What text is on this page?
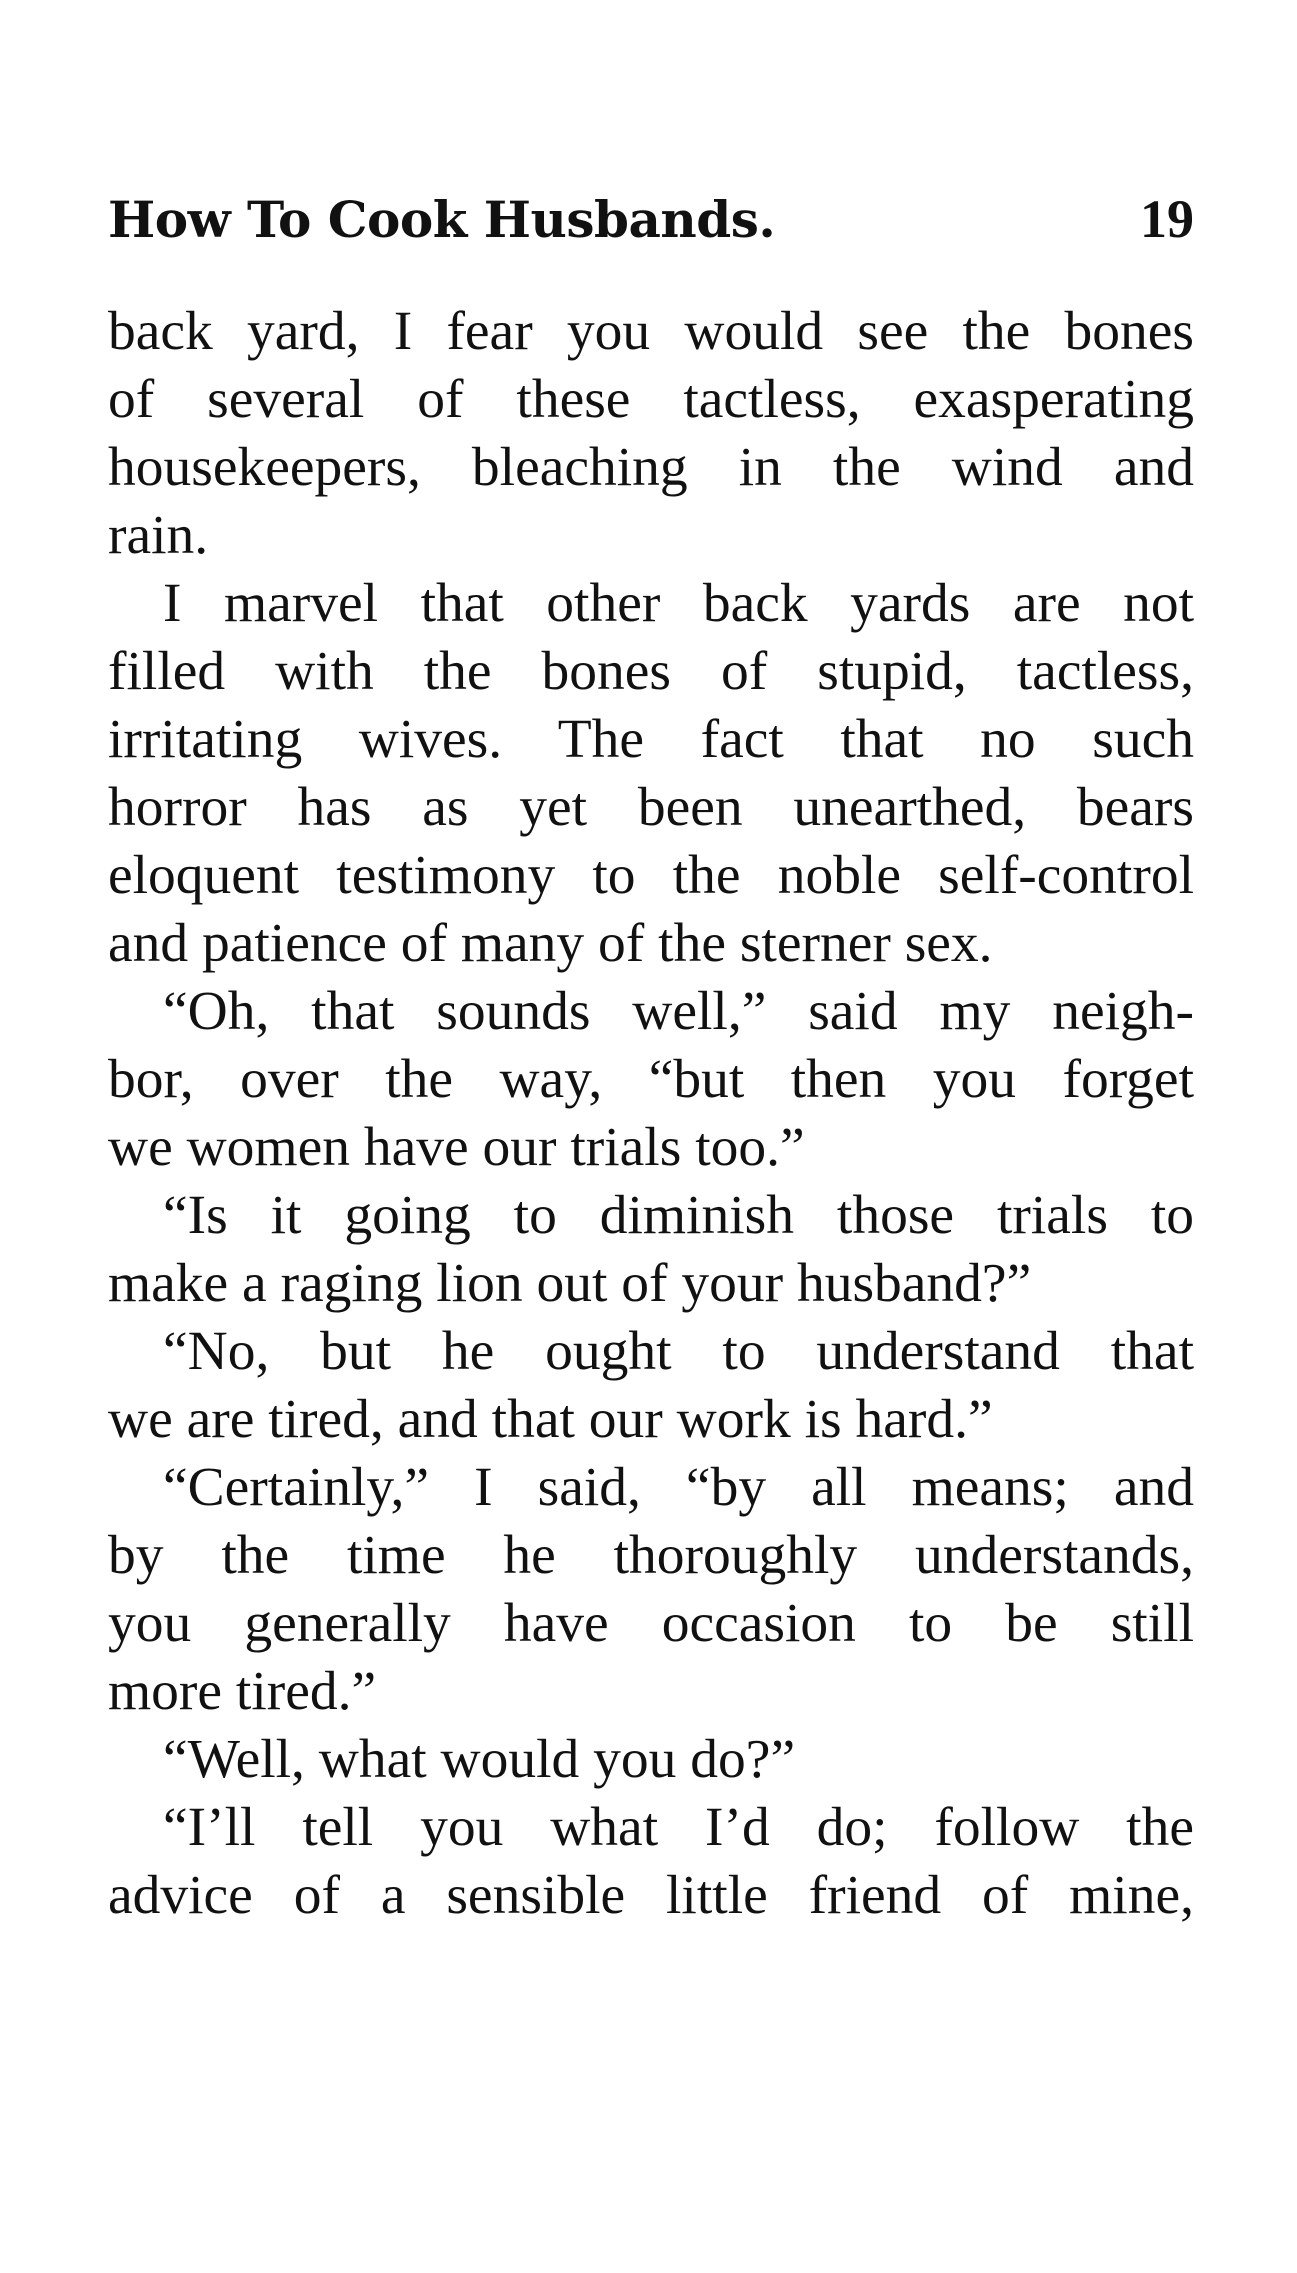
How To Cook Husbands.	19

back yard, I fear you would see the bones
of several of these tactless, exasperating
housekeepers, bleaching in the wind and
rain.

I marvel that other back yards are not
filled with the bones of stupid, tactless,
irritating wives. The fact that no such
horror has as yet been unearthed, bears
eloquent testimony to the noble self-control
and patience of many of the sterner sex.

“Oh, that sounds well,” said my neigh-
bor, over the way, “but then you forget
we women have our trials too.”

“Is it going to diminish those trials to
make a raging lion out of your husband?”

“No, but he ought to understand that
we are tired, and that our work is hard.”

“Certainly,” I said, “by all means; and
by the time he thoroughly understands,
you generally have occasion to be still
more tired.”

“Well, what would you do?”

“I’ll tell you what I’d do; follow the
advice of a sensible little friend of mine,
